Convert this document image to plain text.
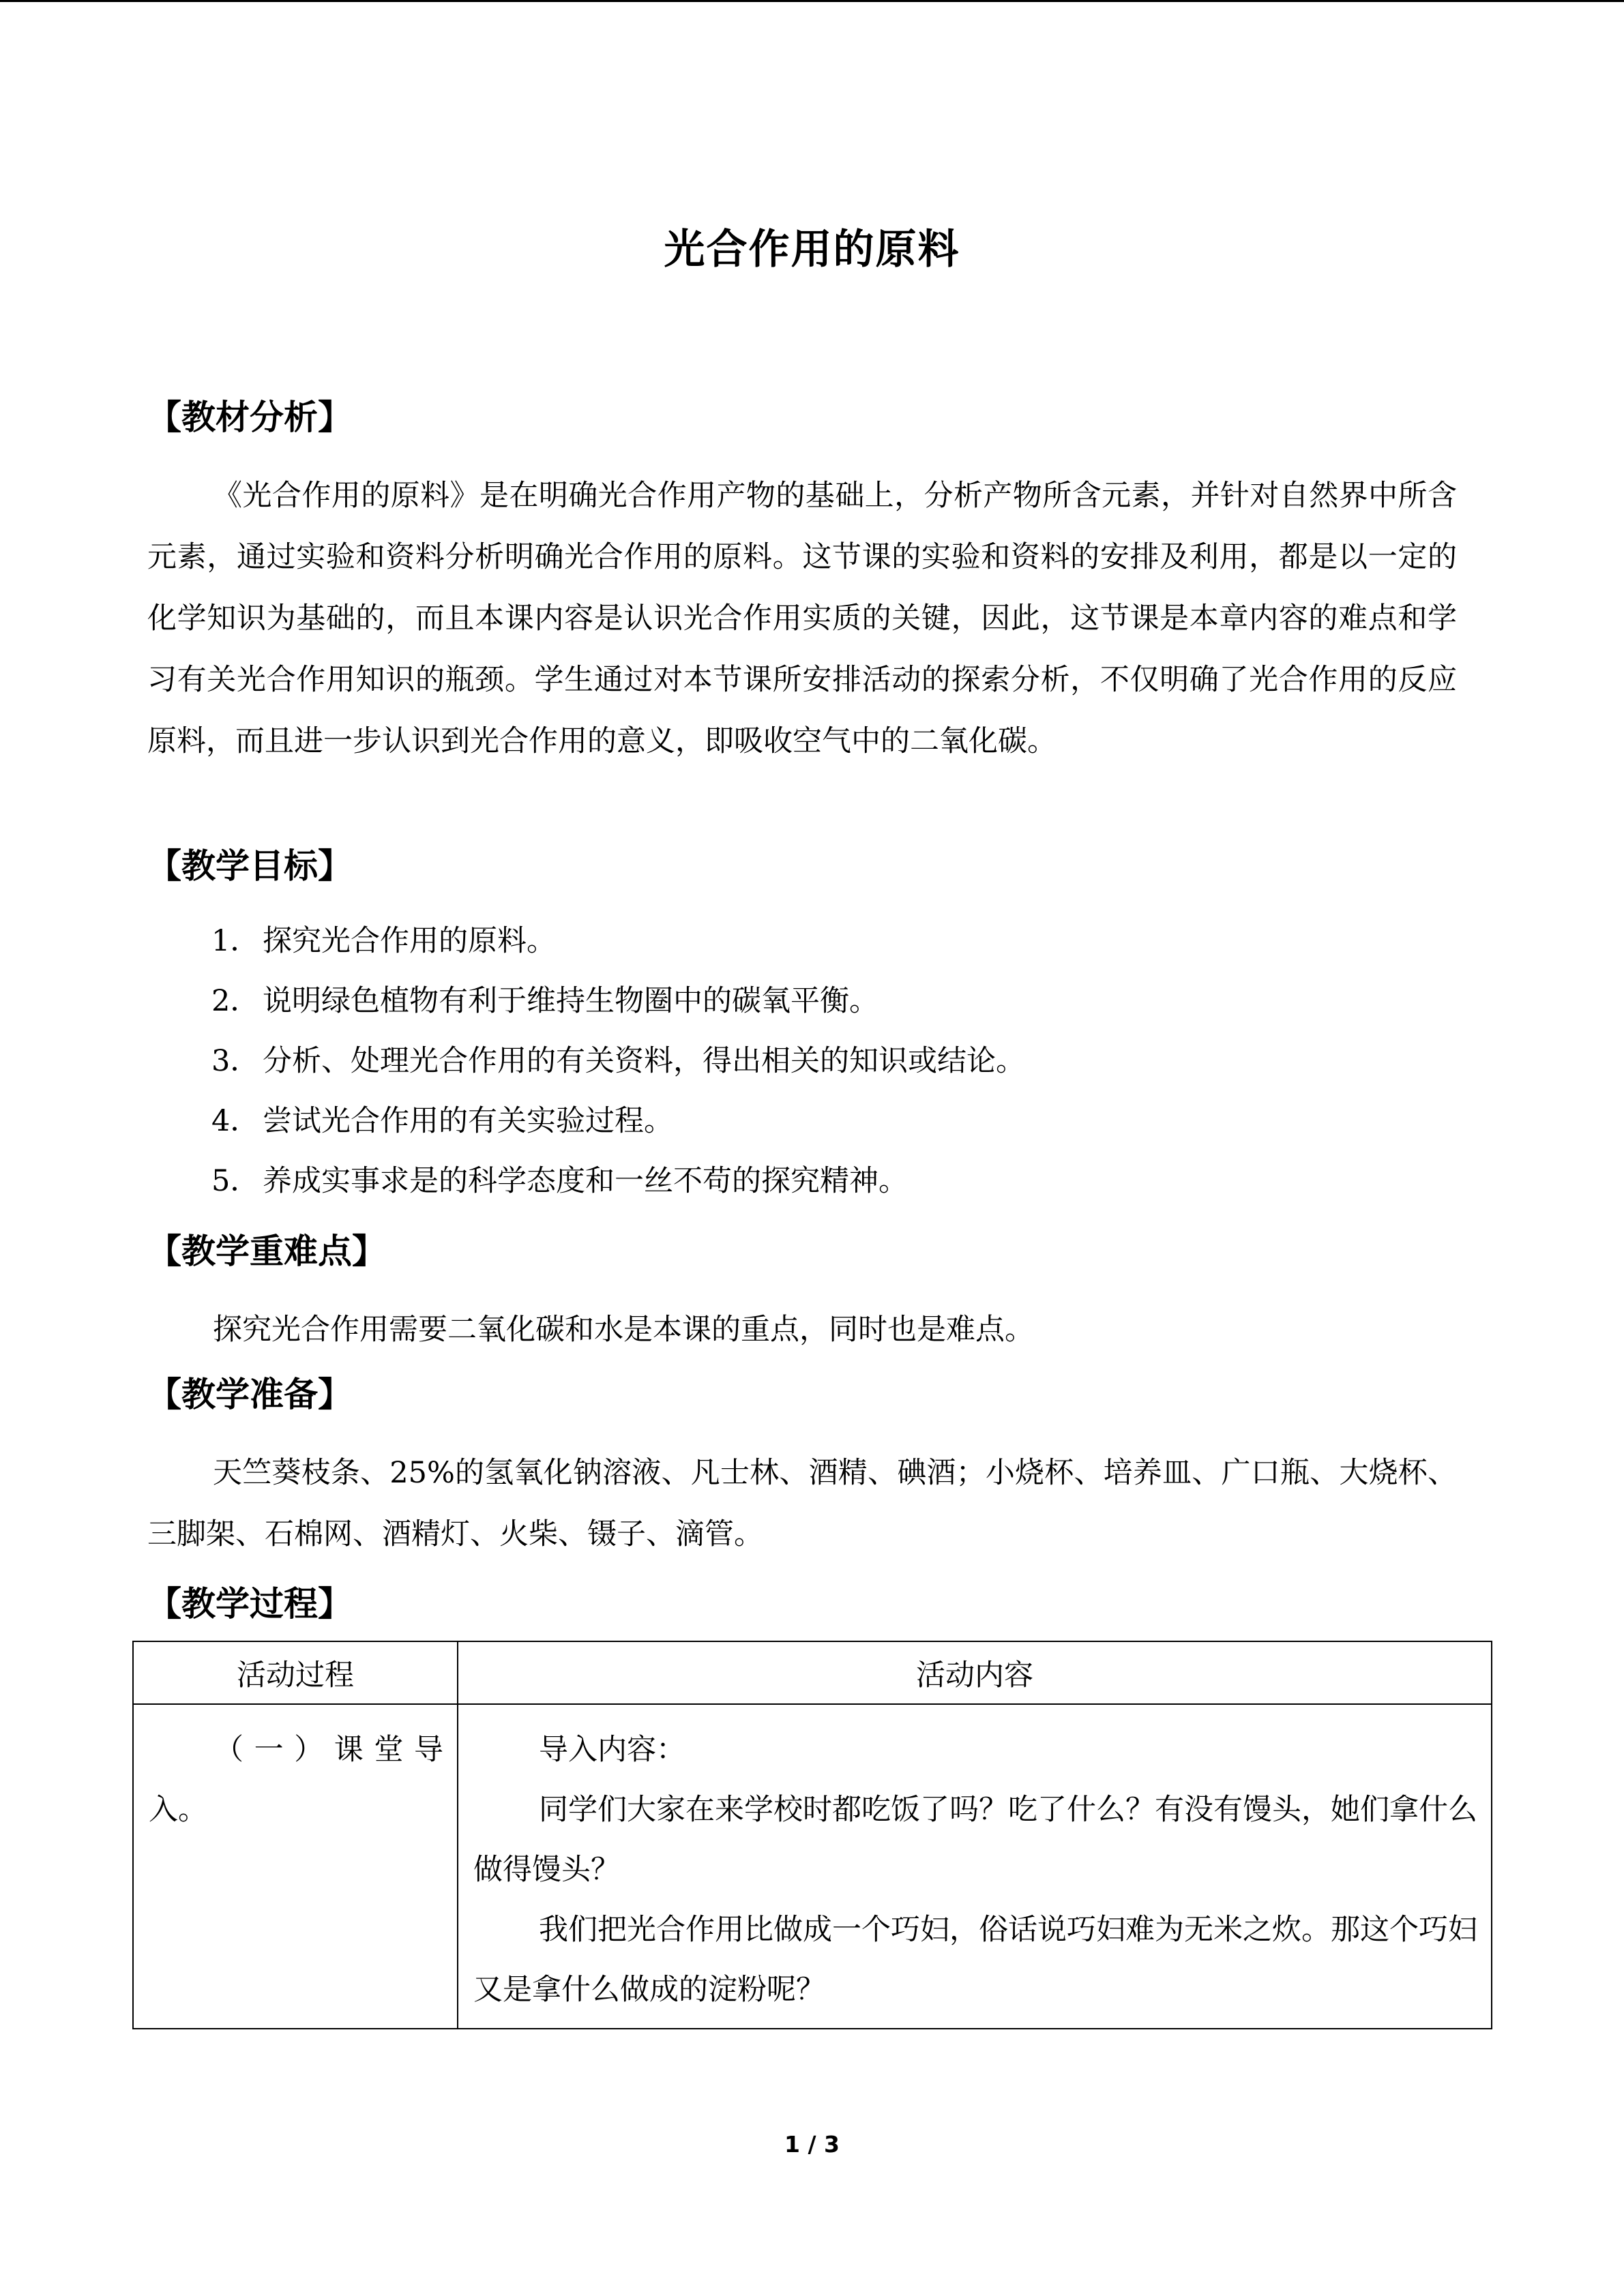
光合作用的原料
【教材分析】
《光合作用的原料》是在明确光合作用产物的基础上，分析产物所含元素，并针对自然界中所含元素，通过实验和资料分析明确光合作用的原料。这节课的实验和资料的安排及利用，都是以一定的化学知识为基础的，而且本课内容是认识光合作用实质的关键，因此，这节课是本章内容的难点和学习有关光合作用知识的瓶颈。学生通过对本节课所安排活动的探索分析，不仅明确了光合作用的反应原料，而且进一步认识到光合作用的意义，即吸收空气中的二氧化碳。
【教学目标】
1． 探究光合作用的原料。
2． 说明绿色植物有利于维持生物圈中的碳氧平衡。
3． 分析、处理光合作用的有关资料，得出相关的知识或结论。
4． 尝试光合作用的有关实验过程。
5． 养成实事求是的科学态度和一丝不苟的探究精神。
【教学重难点】
探究光合作用需要二氧化碳和水是本课的重点，同时也是难点。
【教学准备】
天竺葵枝条、25%的氢氧化钠溶液、凡士林、酒精、碘酒；小烧杯、培养皿、广口瓶、大烧杯、三脚架、石棉网、酒精灯、火柴、镊子、滴管。
【教学过程】
活动过程	活动内容

（一）课堂导入。	导入内容：

同学们大家在来学校时都吃饭了吗？吃了什么？有没有馒头，她们拿什么做得馒头？

我们把光合作用比做成一个巧妇，俗话说巧妇难为无米之炊。那这个巧妇又是拿什么做成的淀粉呢？

1 / 3
